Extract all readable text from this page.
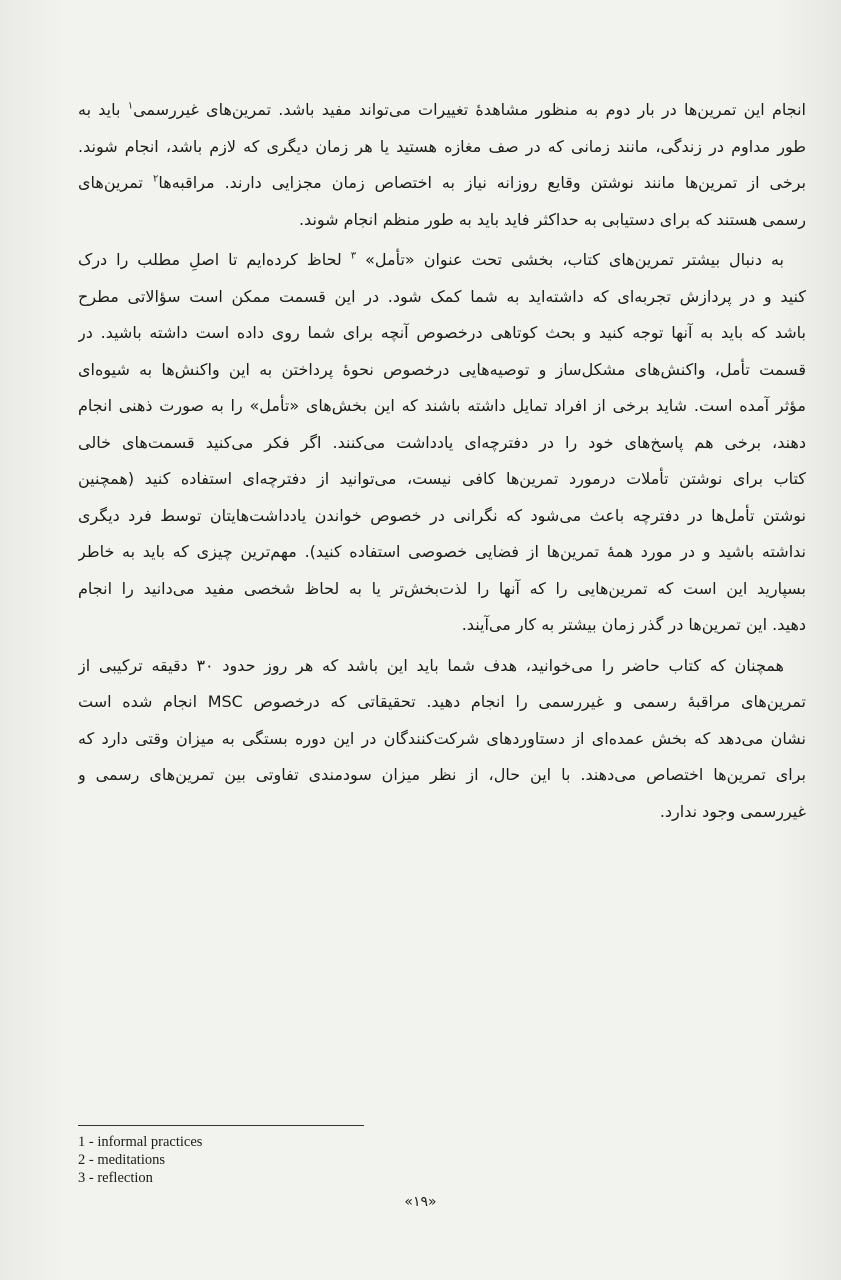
انجام این تمرین‌ها در بار دوم به منظور مشاهدۀ تغییرات می‌تواند مفید باشد. تمرین‌های غیررسمی$^۱$ باید به
طور مداوم در زندگی، مانند زمانی که در صف مغازه هستید یا هر زمان دیگری که لازم باشد، انجام شوند.
برخی از تمرین‌ها مانند نوشتن وقایع روزانه نیاز به اختصاص زمان مجزایی دارند. مراقبه‌ها$^۲$ تمرین‌های
رسمی هستند که برای دستیابی به حداکثر فاید باید به طور منظم انجام شوند.

به دنبال بیشتر تمرین‌های کتاب، بخشی تحت عنوان «تأمل» $^۳$ لحاظ کرده‌ایم تا اصلِ مطلب را درک
کنید و در پردازش تجربه‌ای که داشته‌اید به شما کمک شود. در این قسمت ممکن است سؤالاتی مطرح
باشد که باید به آنها توجه کنید و بحث کوتاهی درخصوص آنچه برای شما روی داده است داشته باشید. در
قسمت تأمل، واکنش‌های مشکل‌ساز و توصیه‌هایی درخصوص نحوۀ پرداختن به این واکنش‌ها به شیوه‌ای
مؤثر آمده است. شاید برخی از افراد تمایل داشته باشند که این بخش‌های «تأمل» را به صورت ذهنی انجام
دهند، برخی هم پاسخ‌های خود را در دفترچه‌ای یادداشت می‌کنند. اگر فکر می‌کنید قسمت‌های خالی
کتاب برای نوشتن تأملات درمورد تمرین‌ها کافی نیست، می‌توانید از دفترچه‌ای استفاده کنید (همچنین
نوشتن تأمل‌ها در دفترچه باعث می‌شود که نگرانی در خصوص خواندن یادداشت‌هایتان توسط فرد دیگری
نداشته باشید و در مورد همۀ تمرین‌ها از فضایی خصوصی استفاده کنید). مهم‌ترین چیزی که باید به خاطر
بسپارید این است که تمرین‌هایی را که آنها را لذت‌بخش‌تر یا به لحاظ شخصی مفید می‌دانید را انجام
دهید. این تمرین‌ها در گذر زمان بیشتر به کار می‌آیند.

همچنان که کتاب حاضر را می‌خوانید، هدف شما باید این باشد که هر روز حدود ۳۰ دقیقه ترکیبی از
تمرین‌های مراقبۀ رسمی و غیررسمی را انجام دهید. تحقیقاتی که درخصوص MSC انجام شده است
نشان می‌دهد که بخش عمده‌ای از دستاوردهای شرکت‌کنندگان در این دوره بستگی به میزان وقتی دارد که
برای تمرین‌ها اختصاص می‌دهند. با این حال، از نظر میزان سودمندی تفاوتی بین تمرین‌های رسمی و
غیررسمی وجود ندارد.

1 - informal practices
2 - meditations
3 - reflection
«۱۹»
